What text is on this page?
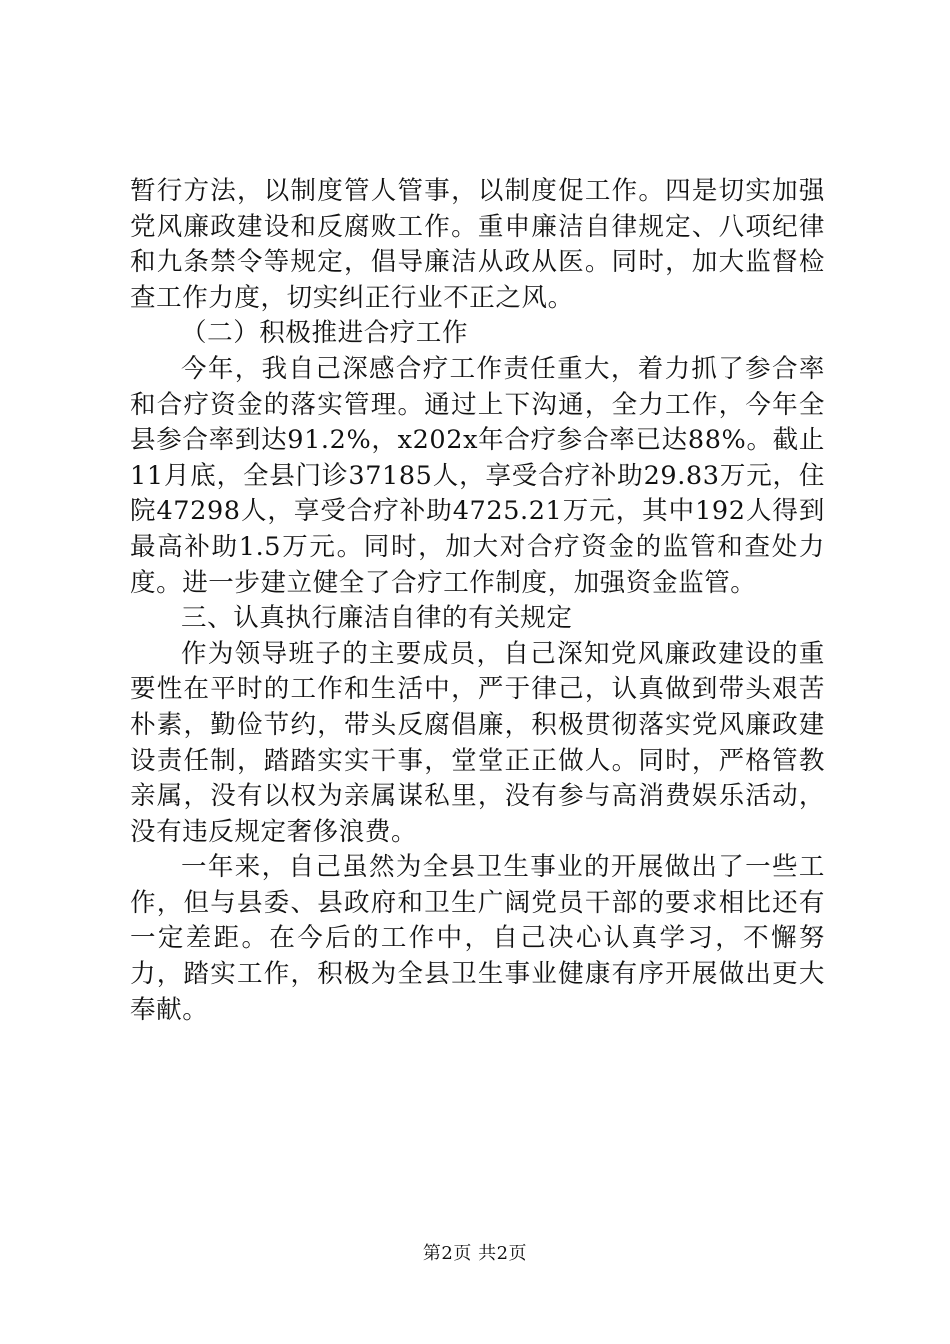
暂行方法，以制度管人管事，以制度促工作。四是切实加强党风廉政建设和反腐败工作。重申廉洁自律规定、八项纪律和九条禁令等规定，倡导廉洁从政从医。同时，加大监督检查工作力度，切实纠正行业不正之风。

（二）积极推进合疗工作

今年，我自己深感合疗工作责任重大，着力抓了参合率和合疗资金的落实管理。通过上下沟通，全力工作，今年全县参合率到达91.2%，x202x年合疗参合率已达88%。截止11月底，全县门诊37185人，享受合疗补助29.83万元，住院47298人，享受合疗补助4725.21万元，其中192人得到最高补助1.5万元。同时，加大对合疗资金的监管和查处力度。进一步建立健全了合疗工作制度，加强资金监管。

三、认真执行廉洁自律的有关规定

作为领导班子的主要成员，自己深知党风廉政建设的重要性在平时的工作和生活中，严于律己，认真做到带头艰苦朴素，勤俭节约，带头反腐倡廉，积极贯彻落实党风廉政建设责任制，踏踏实实干事，堂堂正正做人。同时，严格管教亲属，没有以权为亲属谋私里，没有参与高消费娱乐活动，没有违反规定奢侈浪费。

一年来，自己虽然为全县卫生事业的开展做出了一些工作，但与县委、县政府和卫生广阔党员干部的要求相比还有一定差距。在今后的工作中，自己决心认真学习，不懈努力，踏实工作，积极为全县卫生事业健康有序开展做出更大奉献。

第2页 共2页
